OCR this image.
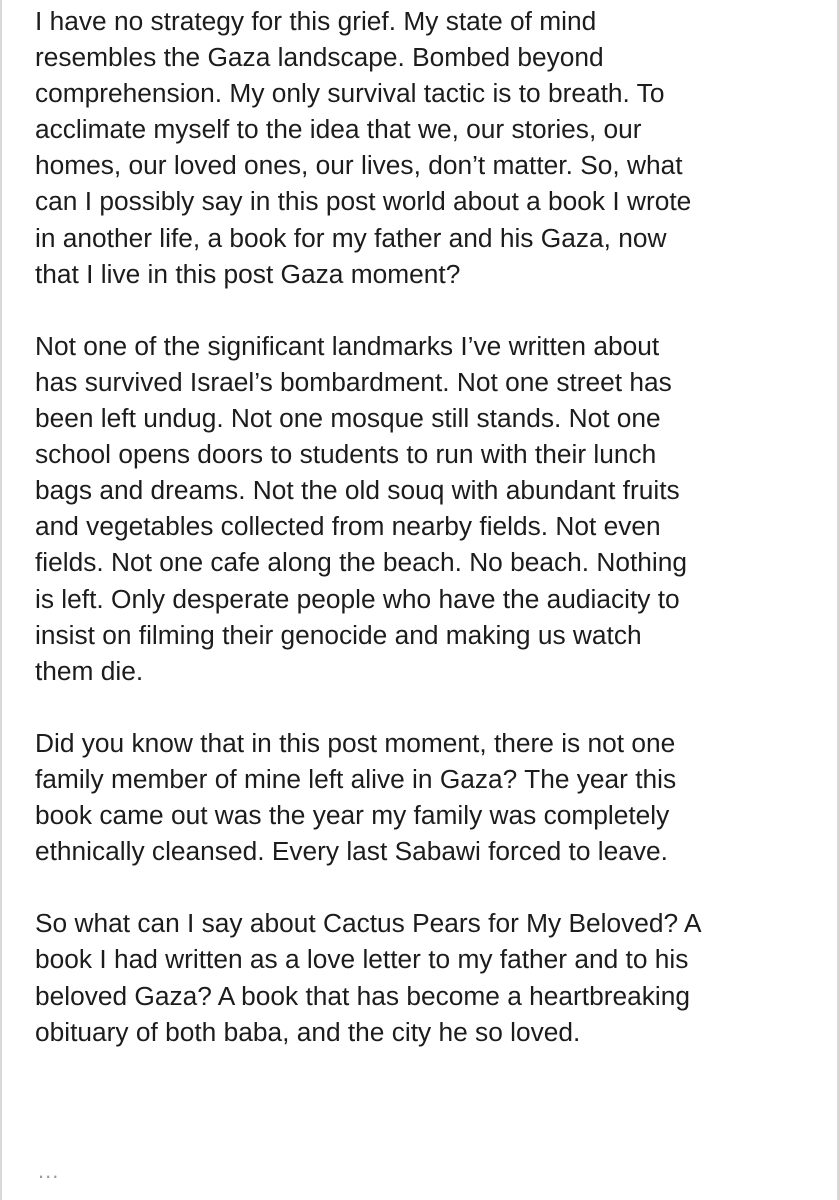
I have no strategy for this grief. My state of mind
resembles the Gaza landscape. Bombed beyond
comprehension. My only survival tactic is to breath. To
acclimate myself to the idea that we, our stories, our
homes, our loved ones, our lives, don’t matter. So, what
can I possibly say in this post world about a book I wrote
in another life, a book for my father and his Gaza, now
that I live in this post Gaza moment?

Not one of the significant landmarks I’ve written about
has survived Israel’s bombardment. Not one street has
been left undug. Not one mosque still stands. Not one
school opens doors to students to run with their lunch
bags and dreams. Not the old souq with abundant fruits
and vegetables collected from nearby fields. Not even
fields. Not one cafe along the beach. No beach. Nothing
is left. Only desperate people who have the audiacity to
insist on filming their genocide and making us watch
them die.

Did you know that in this post moment, there is not one
family member of mine left alive in Gaza? The year this
book came out was the year my family was completely
ethnically cleansed. Every last Sabawi forced to leave.

So what can I say about Cactus Pears for My Beloved? A
book I had written as a love letter to my father and to his
beloved Gaza? A book that has become a heartbreaking
obituary of both baba, and the city he so loved.

...
